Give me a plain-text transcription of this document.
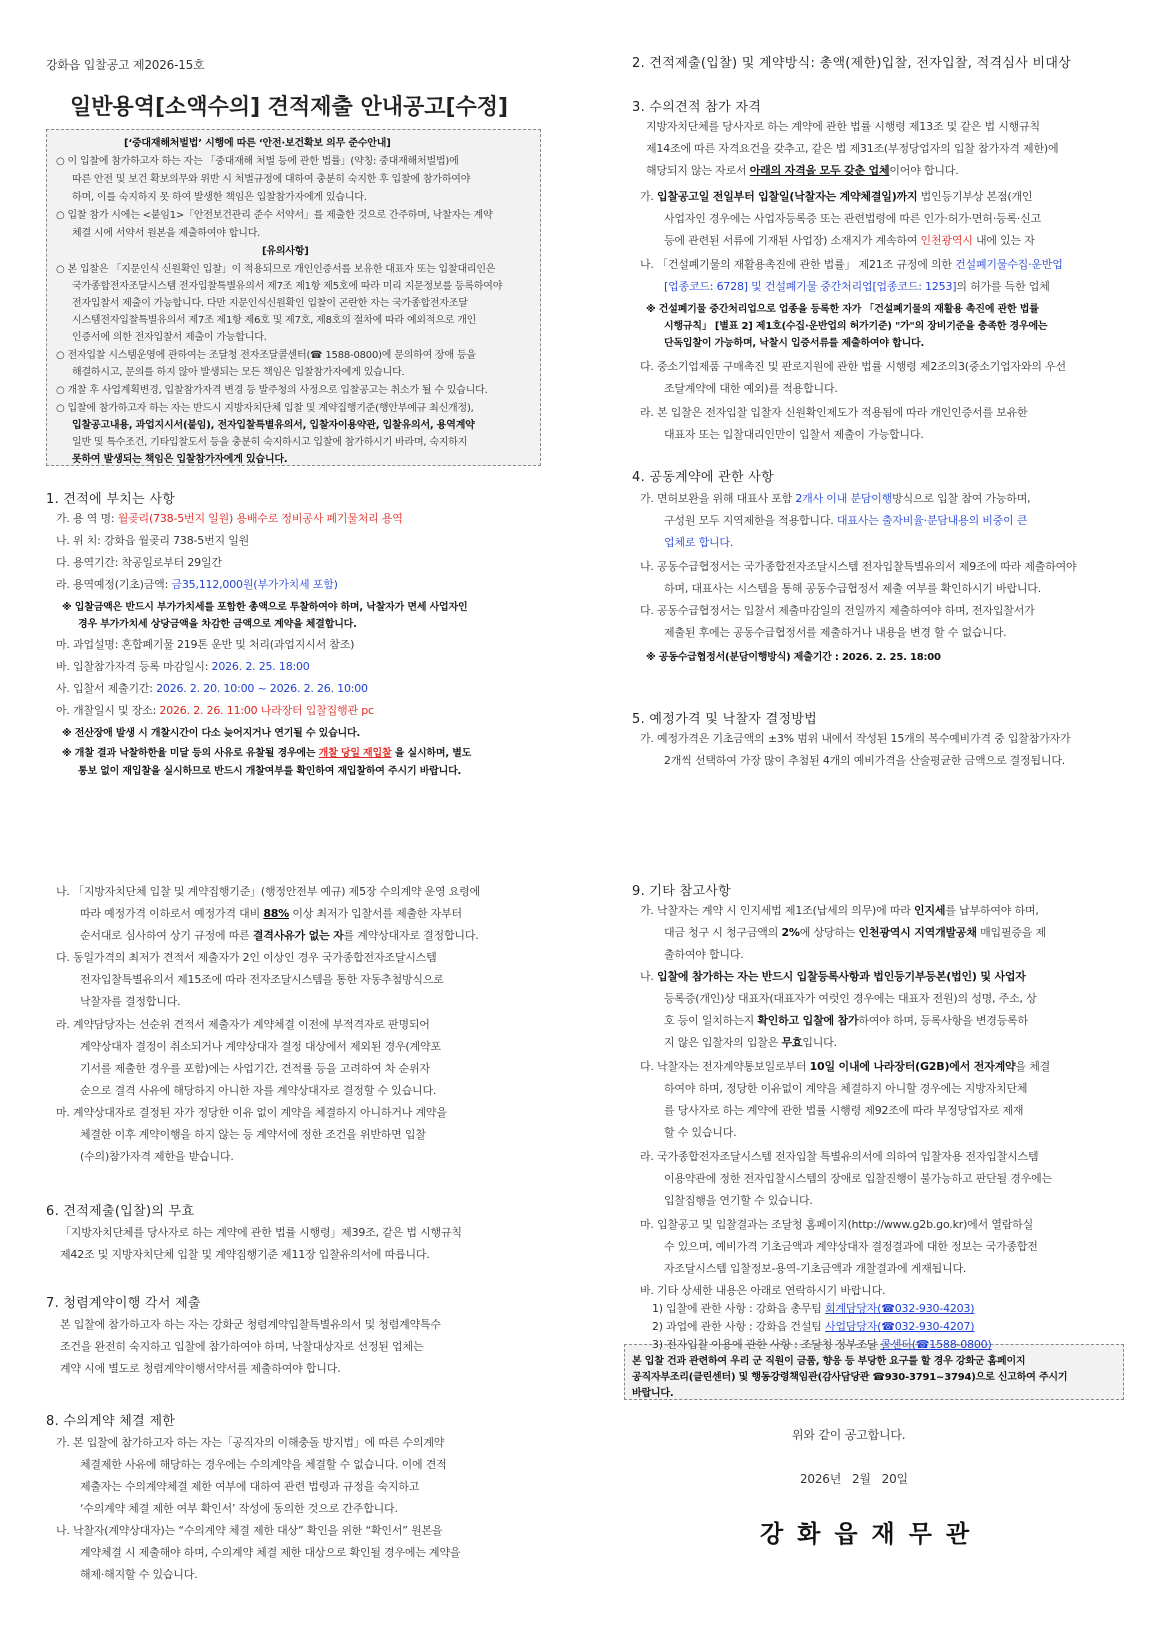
강화읍 입찰공고 제2026-15호
일반용역[소액수의] 견적제출 안내공고[수정]
[‘중대재해처벌법’ 시행에 따른 ‘안전·보건확보 의무 준수안내]
○ 이 입찰에 참가하고자 하는 자는 「중대재해 처벌 등에 관한 법률」(약칭: 중대재해처벌법)에
따른 안전 및 보건 확보의무와 위반 시 처벌규정에 대하여 충분히 숙지한 후 입찰에 참가하여야
하며, 이를 숙지하지 못 하여 발생한 책임은 입찰참가자에게 있습니다.
○ 입찰 참가 시에는 <붙임1>「안전보건관리 준수 서약서」를 제출한 것으로 간주하며, 낙찰자는 계약
체결 시에 서약서 원본을 제출하여야 합니다.
[유의사항]
○ 본 입찰은 「지문인식 신원확인 입찰」이 적용되므로 개인인증서를 보유한 대표자 또는 입찰대리인은
국가종합전자조달시스템 전자입찰특별유의서 제7조 제1항 제5호에 따라 미리 지문정보를 등록하여야
전자입찰서 제출이 가능합니다. 다만 지문인식신원확인 입찰이 곤란한 자는 국가종합전자조달
시스템전자입찰특별유의서 제7조 제1항 제6호 및 제7호, 제8호의 절차에 따라 예외적으로 개인
인증서에 의한 전자입찰서 제출이 가능합니다.
○ 전자입찰 시스템운영에 관하여는 조달청 전자조달콜센터(☎ 1588-0800)에 문의하여 장애 등을
해결하시고, 문의를 하지 않아 발생되는 모든 책임은 입찰참가자에게 있습니다.
○ 개찰 후 사업계획변경, 입찰참가자격 변경 등 발주청의 사정으로 입찰공고는 취소가 될 수 있습니다.
○ 입찰에 참가하고자 하는 자는 반드시 지방자치단체 입찰 및 계약집행기준(행안부예규 최신개정),
입찰공고내용, 과업지시서(붙임), 전자입찰특별유의서, 입찰자이용약관, 입찰유의서, 용역계약
일반 및 특수조건, 기타입찰도서 등을 충분히 숙지하시고 입찰에 참가하시기 바라며, 숙지하지
못하여 발생되는 책임은 입찰참가자에게 있습니다.
1. 견적에 부치는 사항
가. 용 역 명: 월곶리(738-5번지 일원) 용배수로 정비공사 폐기물처리 용역
나. 위 치: 강화읍 월곶리 738-5번지 일원
다. 용역기간: 착공일로부터 29일간
라. 용역예정(기초)금액: 금35,112,000원(부가가치세 포함)
※ 입찰금액은 반드시 부가가치세를 포함한 총액으로 투찰하여야 하며, 낙찰자가 면세 사업자인
경우 부가가치세 상당금액을 차감한 금액으로 계약을 체결합니다.
마. 과업설명: 혼합폐기물 219톤 운반 및 처리(과업지시서 참조)
바. 입찰참가자격 등록 마감일시: 2026. 2. 25. 18:00
사. 입찰서 제출기간: 2026. 2. 20. 10:00 ~ 2026. 2. 26. 10:00
아. 개찰일시 및 장소: 2026. 2. 26. 11:00 나라장터 입찰집행관 pc
※ 전산장애 발생 시 개찰시간이 다소 늦어지거나 연기될 수 있습니다.
※ 개찰 결과 낙찰하한율 미달 등의 사유로 유찰될 경우에는 개찰 당일 재입찰 을 실시하며, 별도
통보 없이 재입찰을 실시하므로 반드시 개찰여부를 확인하여 재입찰하여 주시기 바랍니다.
2. 견적제출(입찰) 및 계약방식: 총액(제한)입찰, 전자입찰, 적격심사 비대상
3. 수의견적 참가 자격
지방자치단체를 당사자로 하는 계약에 관한 법률 시행령 제13조 및 같은 법 시행규칙
제14조에 따른 자격요건을 갖추고, 같은 법 제31조(부정당업자의 입찰 참가자격 제한)에
해당되지 않는 자로서 아래의 자격을 모두 갖춘 업체이어야 합니다.
가. 입찰공고일 전일부터 입찰일(낙찰자는 계약체결일)까지 법인등기부상 본점(개인
사업자인 경우에는 사업자등록증 또는 관련법령에 따른 인가·허가·면허·등록·신고
등에 관련된 서류에 기재된 사업장) 소재지가 계속하여 인천광역시 내에 있는 자
나. 「건설폐기물의 재활용촉진에 관한 법률」 제21조 규정에 의한 건설폐기물수집·운반업
[업종코드: 6728] 및 건설폐기물 중간처리업[업종코드: 1253]의 허가를 득한 업체
※ 건설폐기물 중간처리업으로 업종을 등록한 자가 「건설폐기물의 재활용 촉진에 관한 법률
시행규칙」 [별표 2] 제1호(수집·운반업의 허가기준) "가"의 장비기준을 충족한 경우에는
단독입찰이 가능하며, 낙찰시 입증서류를 제출하여야 합니다.
다. 중소기업제품 구매촉진 및 판로지원에 관한 법률 시행령 제2조의3(중소기업자와의 우선
조달계약에 대한 예외)를 적용합니다.
라. 본 입찰은 전자입찰 입찰자 신원확인제도가 적용됨에 따라 개인인증서를 보유한
대표자 또는 입찰대리인만이 입찰서 제출이 가능합니다.
4. 공동계약에 관한 사항
가. 면허보완을 위해 대표사 포함 2개사 이내 분담이행방식으로 입찰 참여 가능하며,
구성원 모두 지역제한을 적용합니다. 대표사는 출자비율·분담내용의 비중이 큰
업체로 합니다.
나. 공동수급협정서는 국가종합전자조달시스템 전자입찰특별유의서 제9조에 따라 제출하여야
하며, 대표사는 시스템을 통해 공동수급협정서 제출 여부를 확인하시기 바랍니다.
다. 공동수급협정서는 입찰서 제출마감일의 전일까지 제출하여야 하며, 전자입찰서가
제출된 후에는 공동수급협정서를 제출하거나 내용을 변경 할 수 없습니다.
※ 공동수급협정서(분담이행방식) 제출기간 : 2026. 2. 25. 18:00
5. 예정가격 및 낙찰자 결정방법
가. 예정가격은 기초금액의 ±3% 범위 내에서 작성된 15개의 복수예비가격 중 입찰참가자가
2개씩 선택하여 가장 많이 추첨된 4개의 예비가격을 산술평균한 금액으로 결정됩니다.
나. 「지방자치단체 입찰 및 계약집행기준」(행정안전부 예규) 제5장 수의계약 운영 요령에
따라 예정가격 이하로서 예정가격 대비 88% 이상 최저가 입찰서를 제출한 자부터
순서대로 심사하여 상기 규정에 따른 결격사유가 없는 자를 계약상대자로 결정합니다.
다. 동일가격의 최저가 견적서 제출자가 2인 이상인 경우 국가종합전자조달시스템
전자입찰특별유의서 제15조에 따라 전자조달시스템을 통한 자동추첨방식으로
낙찰자를 결정합니다.
라. 계약담당자는 선순위 견적서 제출자가 계약체결 이전에 부적격자로 판명되어
계약상대자 결정이 취소되거나 계약상대자 결정 대상에서 제외된 경우(계약포
기서를 제출한 경우를 포함)에는 사업기간, 견적률 등을 고려하여 차 순위자
순으로 결격 사유에 해당하지 아니한 자를 계약상대자로 결정할 수 있습니다.
마. 계약상대자로 결정된 자가 정당한 이유 없이 계약을 체결하지 아니하거나 계약을
체결한 이후 계약이행을 하지 않는 등 계약서에 정한 조건을 위반하면 입찰
(수의)참가자격 제한을 받습니다.
6. 견적제출(입찰)의 무효
「지방자치단체를 당사자로 하는 계약에 관한 법률 시행령」제39조, 같은 법 시행규칙
제42조 및 지방자치단체 입찰 및 계약집행기준 제11장 입찰유의서에 따릅니다.
7. 청렴계약이행 각서 제출
본 입찰에 참가하고자 하는 자는 강화군 청렴계약입찰특별유의서 및 청렴계약특수
조건을 완전히 숙지하고 입찰에 참가하여야 하며, 낙찰대상자로 선정된 업체는
계약 시에 별도로 청렴계약이행서약서를 제출하여야 합니다.
8. 수의계약 체결 제한
가. 본 입찰에 참가하고자 하는 자는「공직자의 이해충돌 방지법」에 따른 수의계약
체결제한 사유에 해당하는 경우에는 수의계약을 체결할 수 없습니다. 이에 견적
제출자는 수의계약체결 제한 여부에 대하여 관련 법령과 규정을 숙지하고
‘수의계약 체결 제한 여부 확인서’ 작성에 동의한 것으로 간주합니다.
나. 낙찰자(계약상대자)는 “수의계약 체결 제한 대상” 확인을 위한 “확인서” 원본을
계약체결 시 제출해야 하며, 수의계약 체결 제한 대상으로 확인될 경우에는 계약을
해제·해지할 수 있습니다.
9. 기타 참고사항
가. 낙찰자는 계약 시 인지세법 제1조(납세의 의무)에 따라 인지세를 납부하여야 하며,
대금 청구 시 청구금액의 2%에 상당하는 인천광역시 지역개발공채 매입필증을 제
출하여야 합니다.
나. 입찰에 참가하는 자는 반드시 입찰등록사항과 법인등기부등본(법인) 및 사업자
등록증(개인)상 대표자(대표자가 여럿인 경우에는 대표자 전원)의 성명, 주소, 상
호 등이 일치하는지 확인하고 입찰에 참가하여야 하며, 등록사항을 변경등록하
지 않은 입찰자의 입찰은 무효입니다.
다. 낙찰자는 전자계약통보일로부터 10일 이내에 나라장터(G2B)에서 전자계약을 체결
하여야 하며, 정당한 이유없이 계약을 체결하지 아니할 경우에는 지방자치단체
를 당사자로 하는 계약에 관한 법률 시행령 제92조에 따라 부정당업자로 제재
할 수 있습니다.
라. 국가종합전자조달시스템 전자입찰 특별유의서에 의하여 입찰자용 전자입찰시스템
이용약관에 정한 전자입찰시스템의 장애로 입찰진행이 불가능하고 판단될 경우에는
입찰집행을 연기할 수 있습니다.
마. 입찰공고 및 입찰결과는 조달청 홈페이지(http://www.g2b.go.kr)에서 열람하실
수 있으며, 예비가격 기초금액과 계약상대자 결정결과에 대한 정보는 국가종합전
자조달시스템 입찰정보-용역-기초금액과 개찰결과에 게재됩니다.
바. 기타 상세한 내용은 아래로 연락하시기 바랍니다.
1) 입찰에 관한 사항 : 강화읍 총무팀 회계담당자(☎032-930-4203)
2) 과업에 관한 사항 : 강화읍 건설팀 사업담당자(☎032-930-4207)
3) 전자입찰 이용에 관한 사항 : 조달청 정부조달 콜센터(☎1588-0800)
본 입찰 건과 관련하여 우리 군 직원이 금품, 향응 등 부당한 요구를 할 경우 강화군 홈페이지
공직자부조리(클린센터) 및 행동강령책임관(감사담당관 ☎930-3791~3794)으로 신고하여 주시기
바랍니다.
위와 같이 공고합니다.
2026년   2월   20일
강화읍재무관
